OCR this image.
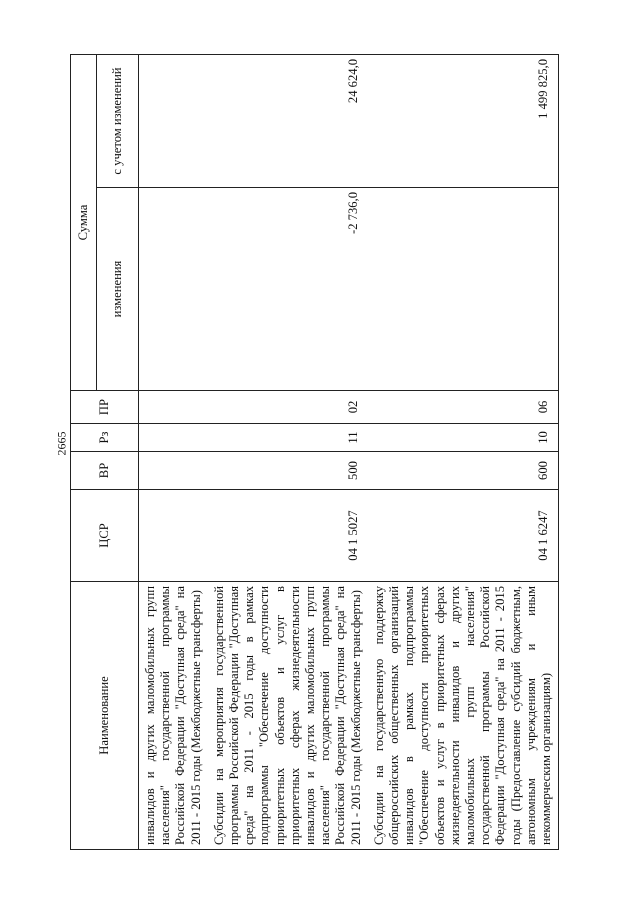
2665
Наименование	ЦСР	ВР	Рз	ПР	Сумма	
					изменения	с учетом изменений
инвалидов и других маломобильных групп населения" государственной программы Российской Федерации "Доступная среда" на 2011 - 2015 годы (Межбюджетные трансферты)						
Субсидии на мероприятия государственной программы Российской Федерации "Доступная среда" на 2011 - 2015 годы в рамках подпрограммы "Обеспечение доступности приоритетных объектов и услуг в приоритетных сферах жизнедеятельности инвалидов и других маломобильных групп населения" государственной программы Российской Федерации "Доступная среда" на 2011 - 2015 годы (Межбюджетные трансферты)	04 1 5027	500	11	02	-2 736,0	24 624,0
Субсидии на государственную поддержку общероссийских общественных организаций инвалидов в рамках подпрограммы "Обеспечение доступности приоритетных объектов и услуг в приоритетных сферах жизнедеятельности инвалидов и других маломобильных групп населения" государственной программы Российской Федерации "Доступная среда" на 2011 - 2015 годы (Предоставление субсидий бюджетным, автономным учреждениям и иным некоммерческим организациям)	04 1 6247	600	10	06		1 499 825,0
